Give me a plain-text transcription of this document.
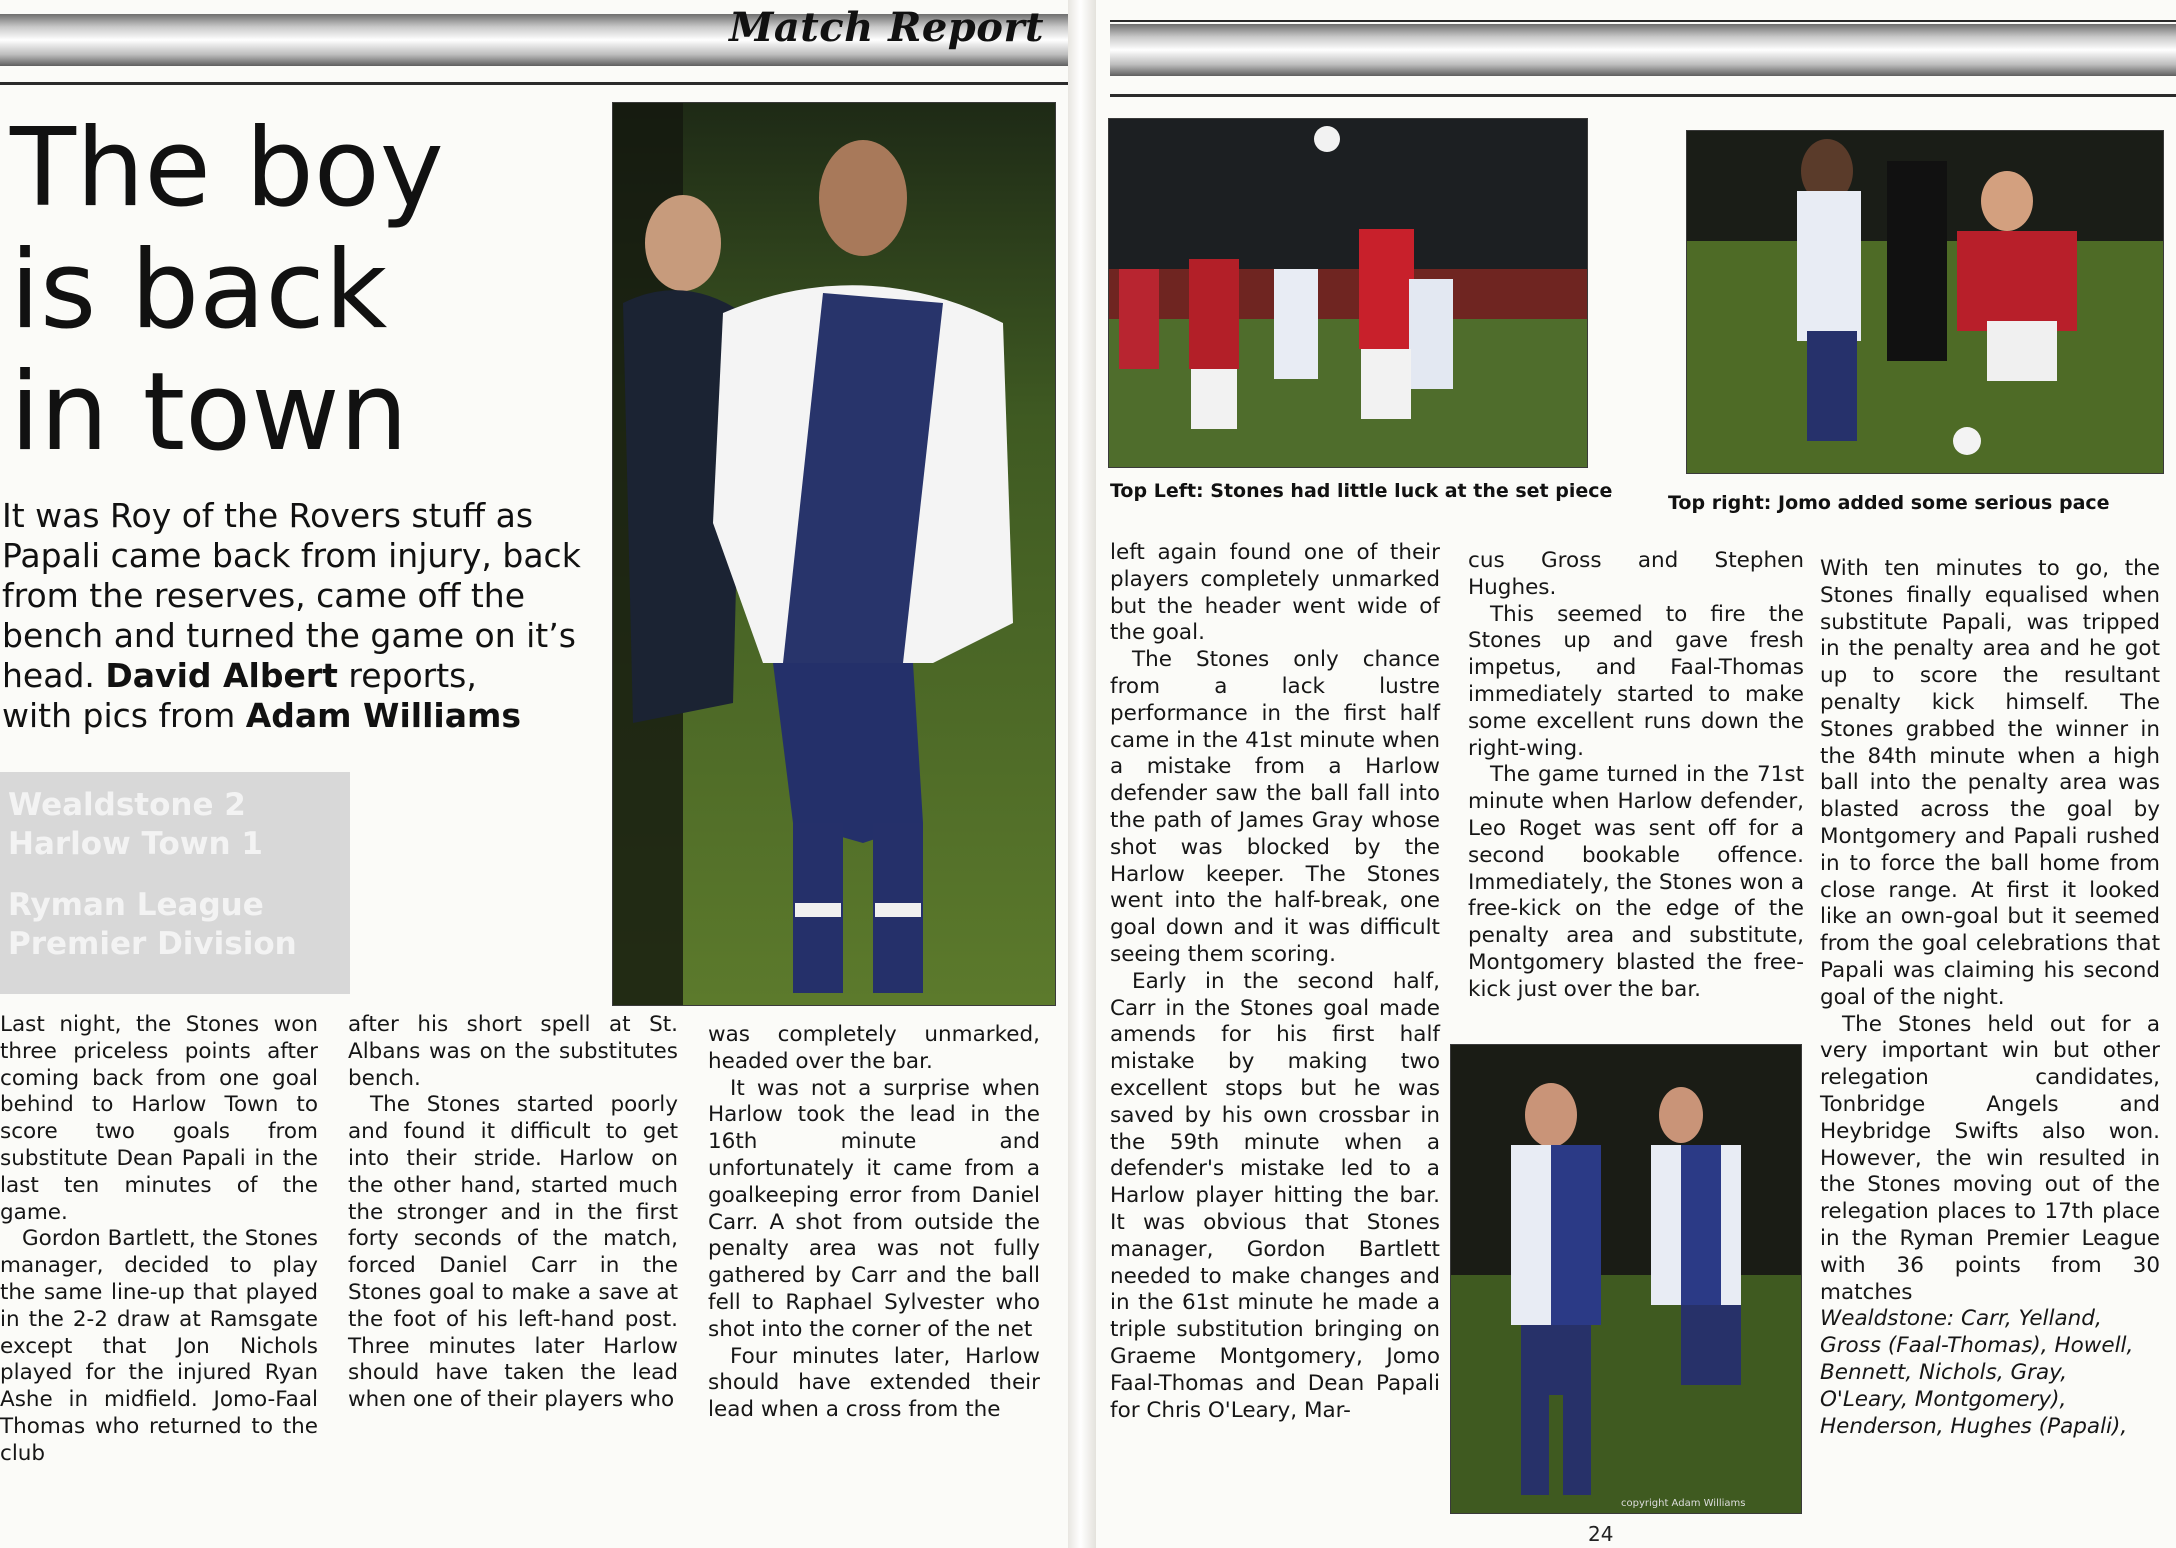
Match Report
The boy
is back
in town

It was Roy of the Rovers stuff as Papali came back from injury, back from the reserves, came off the bench and turned the game on it’s head. David Albert reports,
with pics from Adam Williams

Wealdstone 2
Harlow Town 1
Ryman League
Premier Division

Last night, the Stones won three priceless points after coming back from one goal behind to Harlow Town to score two goals from substitute Dean Papali in the last ten minutes of the game.

Gordon Bartlett, the Stones manager, decided to play the same line-up that played in the 2-2 draw at Ramsgate except that Jon Nichols played for the injured Ryan Ashe in midfield. Jomo-Faal Thomas who returned to the club

after his short spell at St. Albans was on the substitutes bench.

The Stones started poorly and found it difficult to get into their stride. Harlow on the other hand, started much the stronger and in the first forty seconds of the match, forced Daniel Carr in the Stones goal to make a save at the foot of his left-hand post. Three minutes later Harlow should have taken the lead when one of their players who

was completely unmarked, headed over the bar.

It was not a surprise when Harlow took the lead in the 16th minute and unfortunately it came from a goalkeeping error from Daniel Carr. A shot from outside the penalty area was not fully gathered by Carr and the ball fell to Raphael Sylvester who shot into the corner of the net

Four minutes later, Harlow should have extended their lead when a cross from the

Top Left: Stones had little luck at the set piece
Top right: Jomo added some serious pace

left again found one of their players completely unmarked but the header went wide of the goal.

The Stones only chance from a lack lustre performance in the first half came in the 41st minute when a mistake from a Harlow defender saw the ball fall into the path of James Gray whose shot was blocked by the Harlow keeper. The Stones went into the half-break, one goal down and it was difficult seeing them scoring.

Early in the second half, Carr in the Stones goal made amends for his first half mistake by making two excellent stops but he was saved by his own crossbar in the 59th minute when a defender's mistake led to a Harlow player hitting the bar. It was obvious that Stones manager, Gordon Bartlett needed to make changes and in the 61st minute he made a triple substitution bringing on Graeme Montgomery, Jomo Faal-Thomas and Dean Papali for Chris O'Leary, Mar-

cus Gross and Stephen Hughes.

This seemed to fire the Stones up and gave fresh impetus, and Faal-Thomas immediately started to make some excellent runs down the right-wing.

The game turned in the 71st minute when Harlow defender, Leo Roget was sent off for a second bookable offence. Immediately, the Stones won a free-kick on the edge of the penalty area and substitute, Montgomery blasted the free-kick just over the bar.

copyright Adam Williams

With ten minutes to go, the Stones finally equalised when substitute Papali, was tripped in the penalty area and he got up to score the resultant penalty kick himself. The Stones grabbed the winner in the 84th minute when a high ball into the penalty area was blasted across the goal by Montgomery and Papali rushed in to force the ball home from close range. At first it looked like an own-goal but it seemed from the goal celebrations that Papali was claiming his second goal of the night.

The Stones held out for a very important win but other relegation candidates, Tonbridge Angels and Heybridge Swifts also won. However, the win resulted in the Stones moving out of the relegation places to 17th place in the Ryman Premier League with 36 points from 30 matches

Wealdstone: Carr, Yelland, Gross (Faal-Thomas), Howell, Bennett, Nichols, Gray, O'Leary, Montgomery), Henderson, Hughes (Papali),

24
